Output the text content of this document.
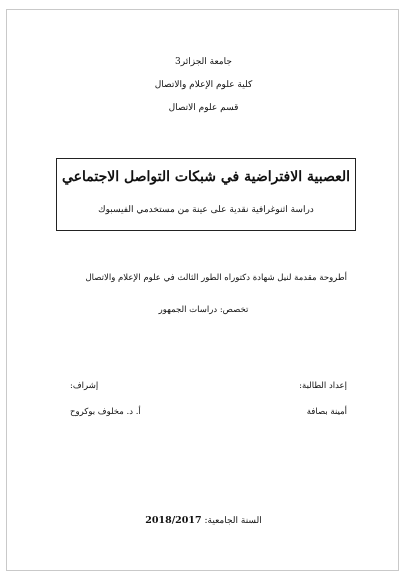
جامعة الجزائر3
كلية علوم الإعلام والاتصال
قسم علوم الاتصال
العصبية الافتراضية في شبكات التواصل الاجتماعي
دراسة اثنوغرافية نقدية على عينة من مستخدمي الفيسبوك
أطروحة مقدمة لنيل شهادة دكتوراه الطور الثالث في علوم الإعلام والاتصال
تخصص: دراسات الجمهور
إعداد الطالبة:
أمينة بصافة
إشراف:
أ. د. مخلوف بوكروح
السنة الجامعية: 2018/2017
